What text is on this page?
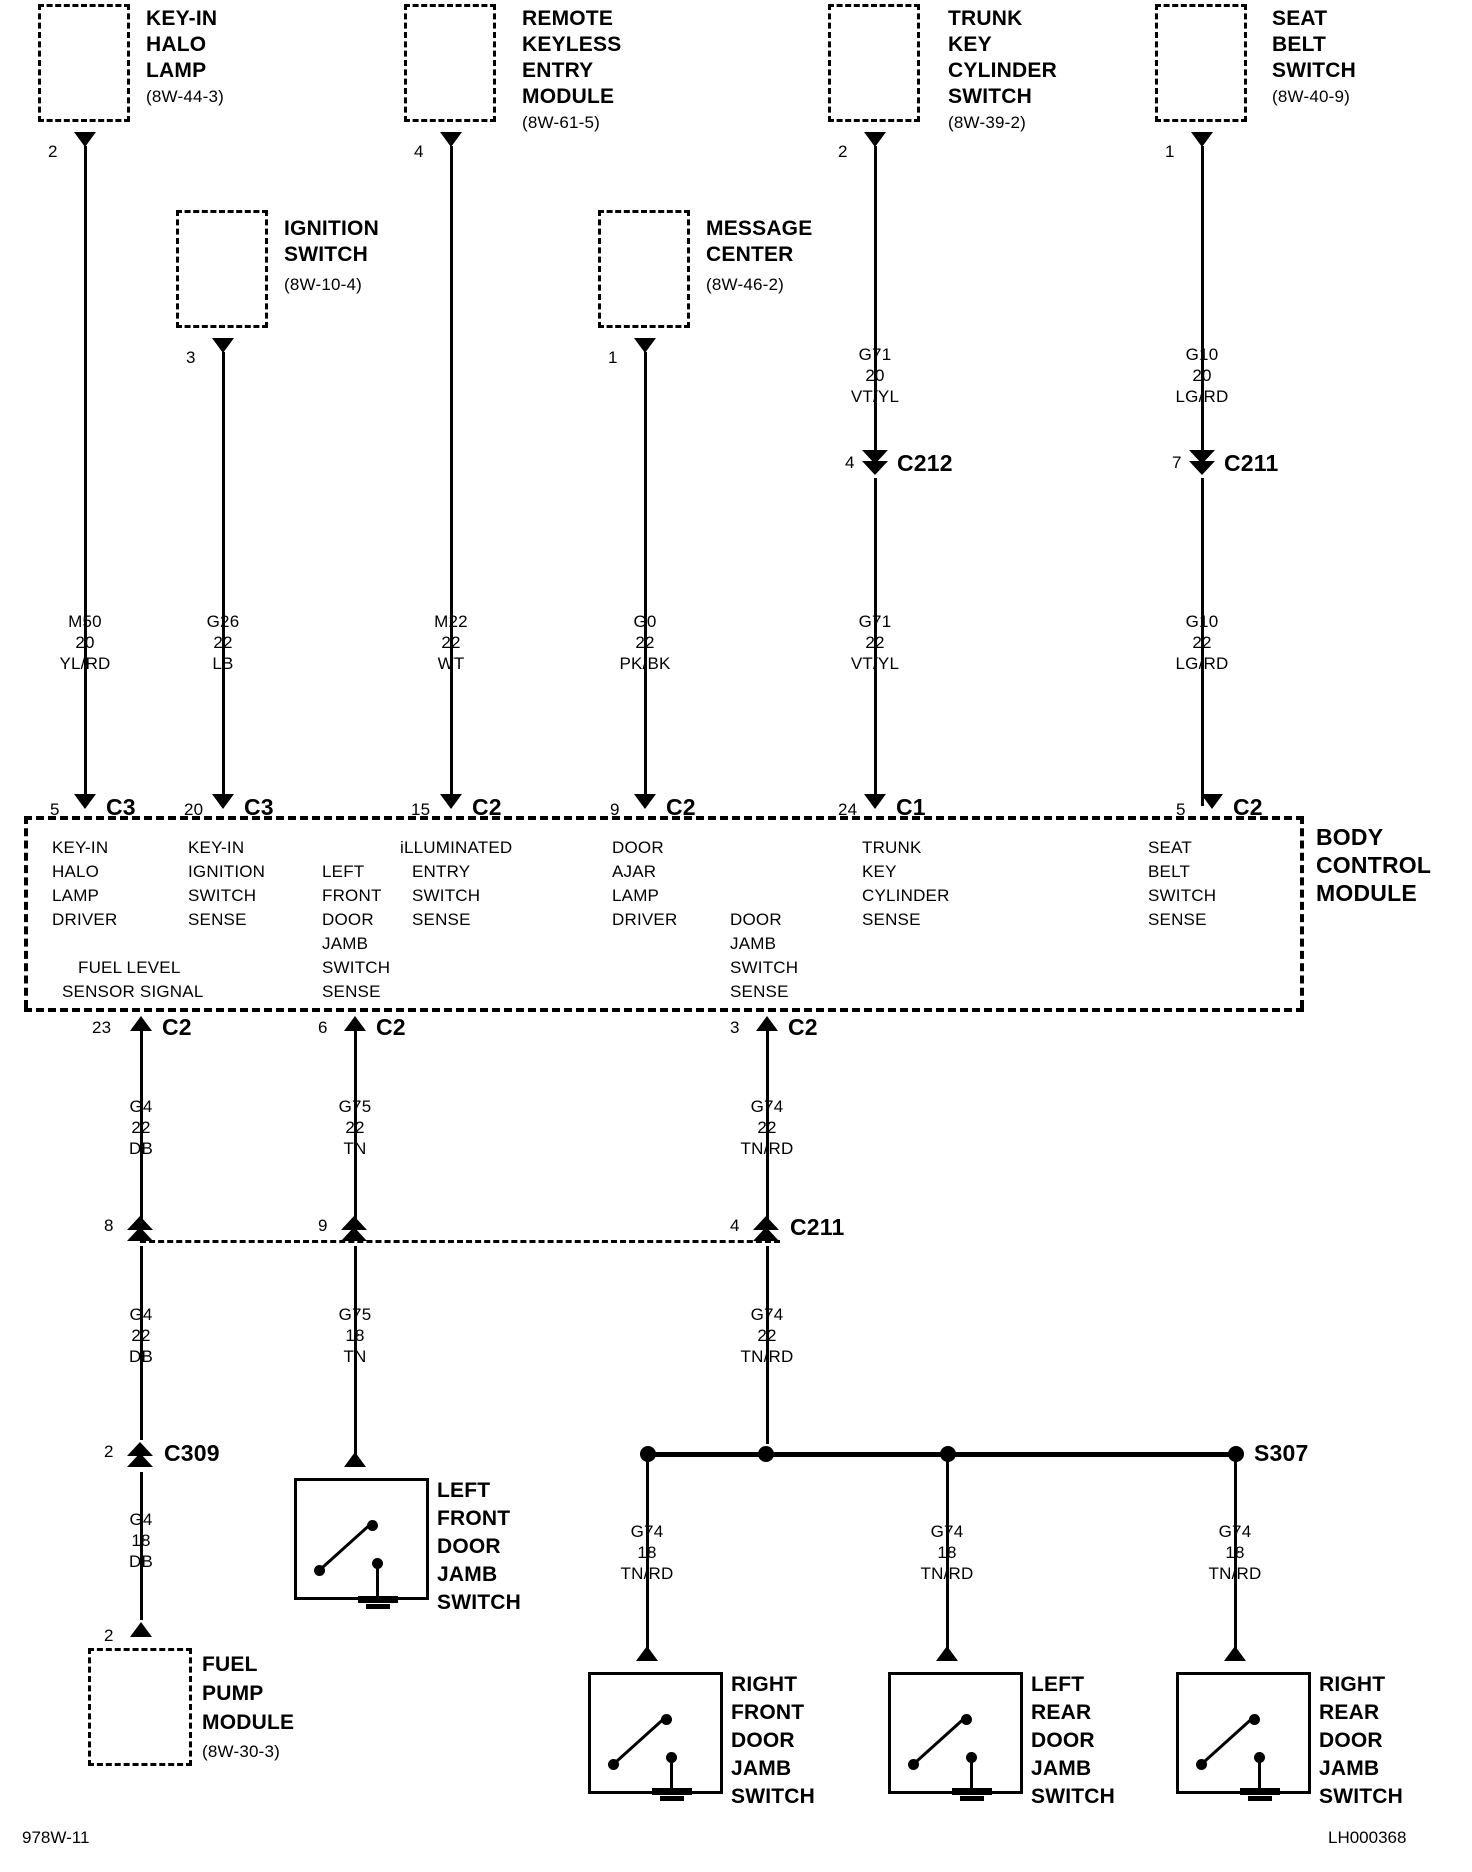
KEY-IN
HALO
LAMP
(8W-44-3)
2
IGNITION
SWITCH
(8W-10-4)
3
REMOTE
KEYLESS
ENTRY
MODULE
(8W-61-5)
4
MESSAGE
CENTER
(8W-46-2)
1
TRUNK
KEY
CYLINDER
SWITCH
(8W-39-2)
2
SEAT
BELT
SWITCH
(8W-40-9)
1
G71
20
VT/YL
G10
20
LG/RD
4 C212	7 C211
M50
20
YL/RD
G26
22
LB
M22
22
WT
G0
22
PK/BK
G71
22
VT/YL
G10
22
LG/RD
5 C3	20 C3	15 C2	9 C2	24 C1	5 C2
BODY
CONTROL
MODULE
KEY-IN
HALO
LAMP
DRIVER
KEY-IN
IGNITION
SWITCH
SENSE
LEFT
FRONT
DOOR
JAMB
SWITCH
SENSE
iLLUMINATED
ENTRY
SWITCH
SENSE
DOOR
AJAR
LAMP
DRIVER	DOOR
JAMB
SWITCH
SENSE
TRUNK
KEY
CYLINDER
SENSE
SEAT
BELT
SWITCH
SENSE
FUEL LEVEL
SENSOR SIGNAL
23 C2	6 C2	3 C2
G4
22
DB
G75
22
TN
G74
22
TN/RD
8	9	4 C211
G4
22
DB
G75
18
TN
G74
22
TN/RD
2 C309
G4
18
DB
2
FUEL
PUMP
MODULE
(8W-30-3)
LEFT
FRONT
DOOR
JAMB
SWITCH
S307
G74
18
TN/RD
G74
18
TN/RD
G74
18
TN/RD
RIGHT
FRONT
DOOR
JAMB
SWITCH
LEFT
REAR
DOOR
JAMB
SWITCH
RIGHT
REAR
DOOR
JAMB
SWITCH
978W-11	LH000368
